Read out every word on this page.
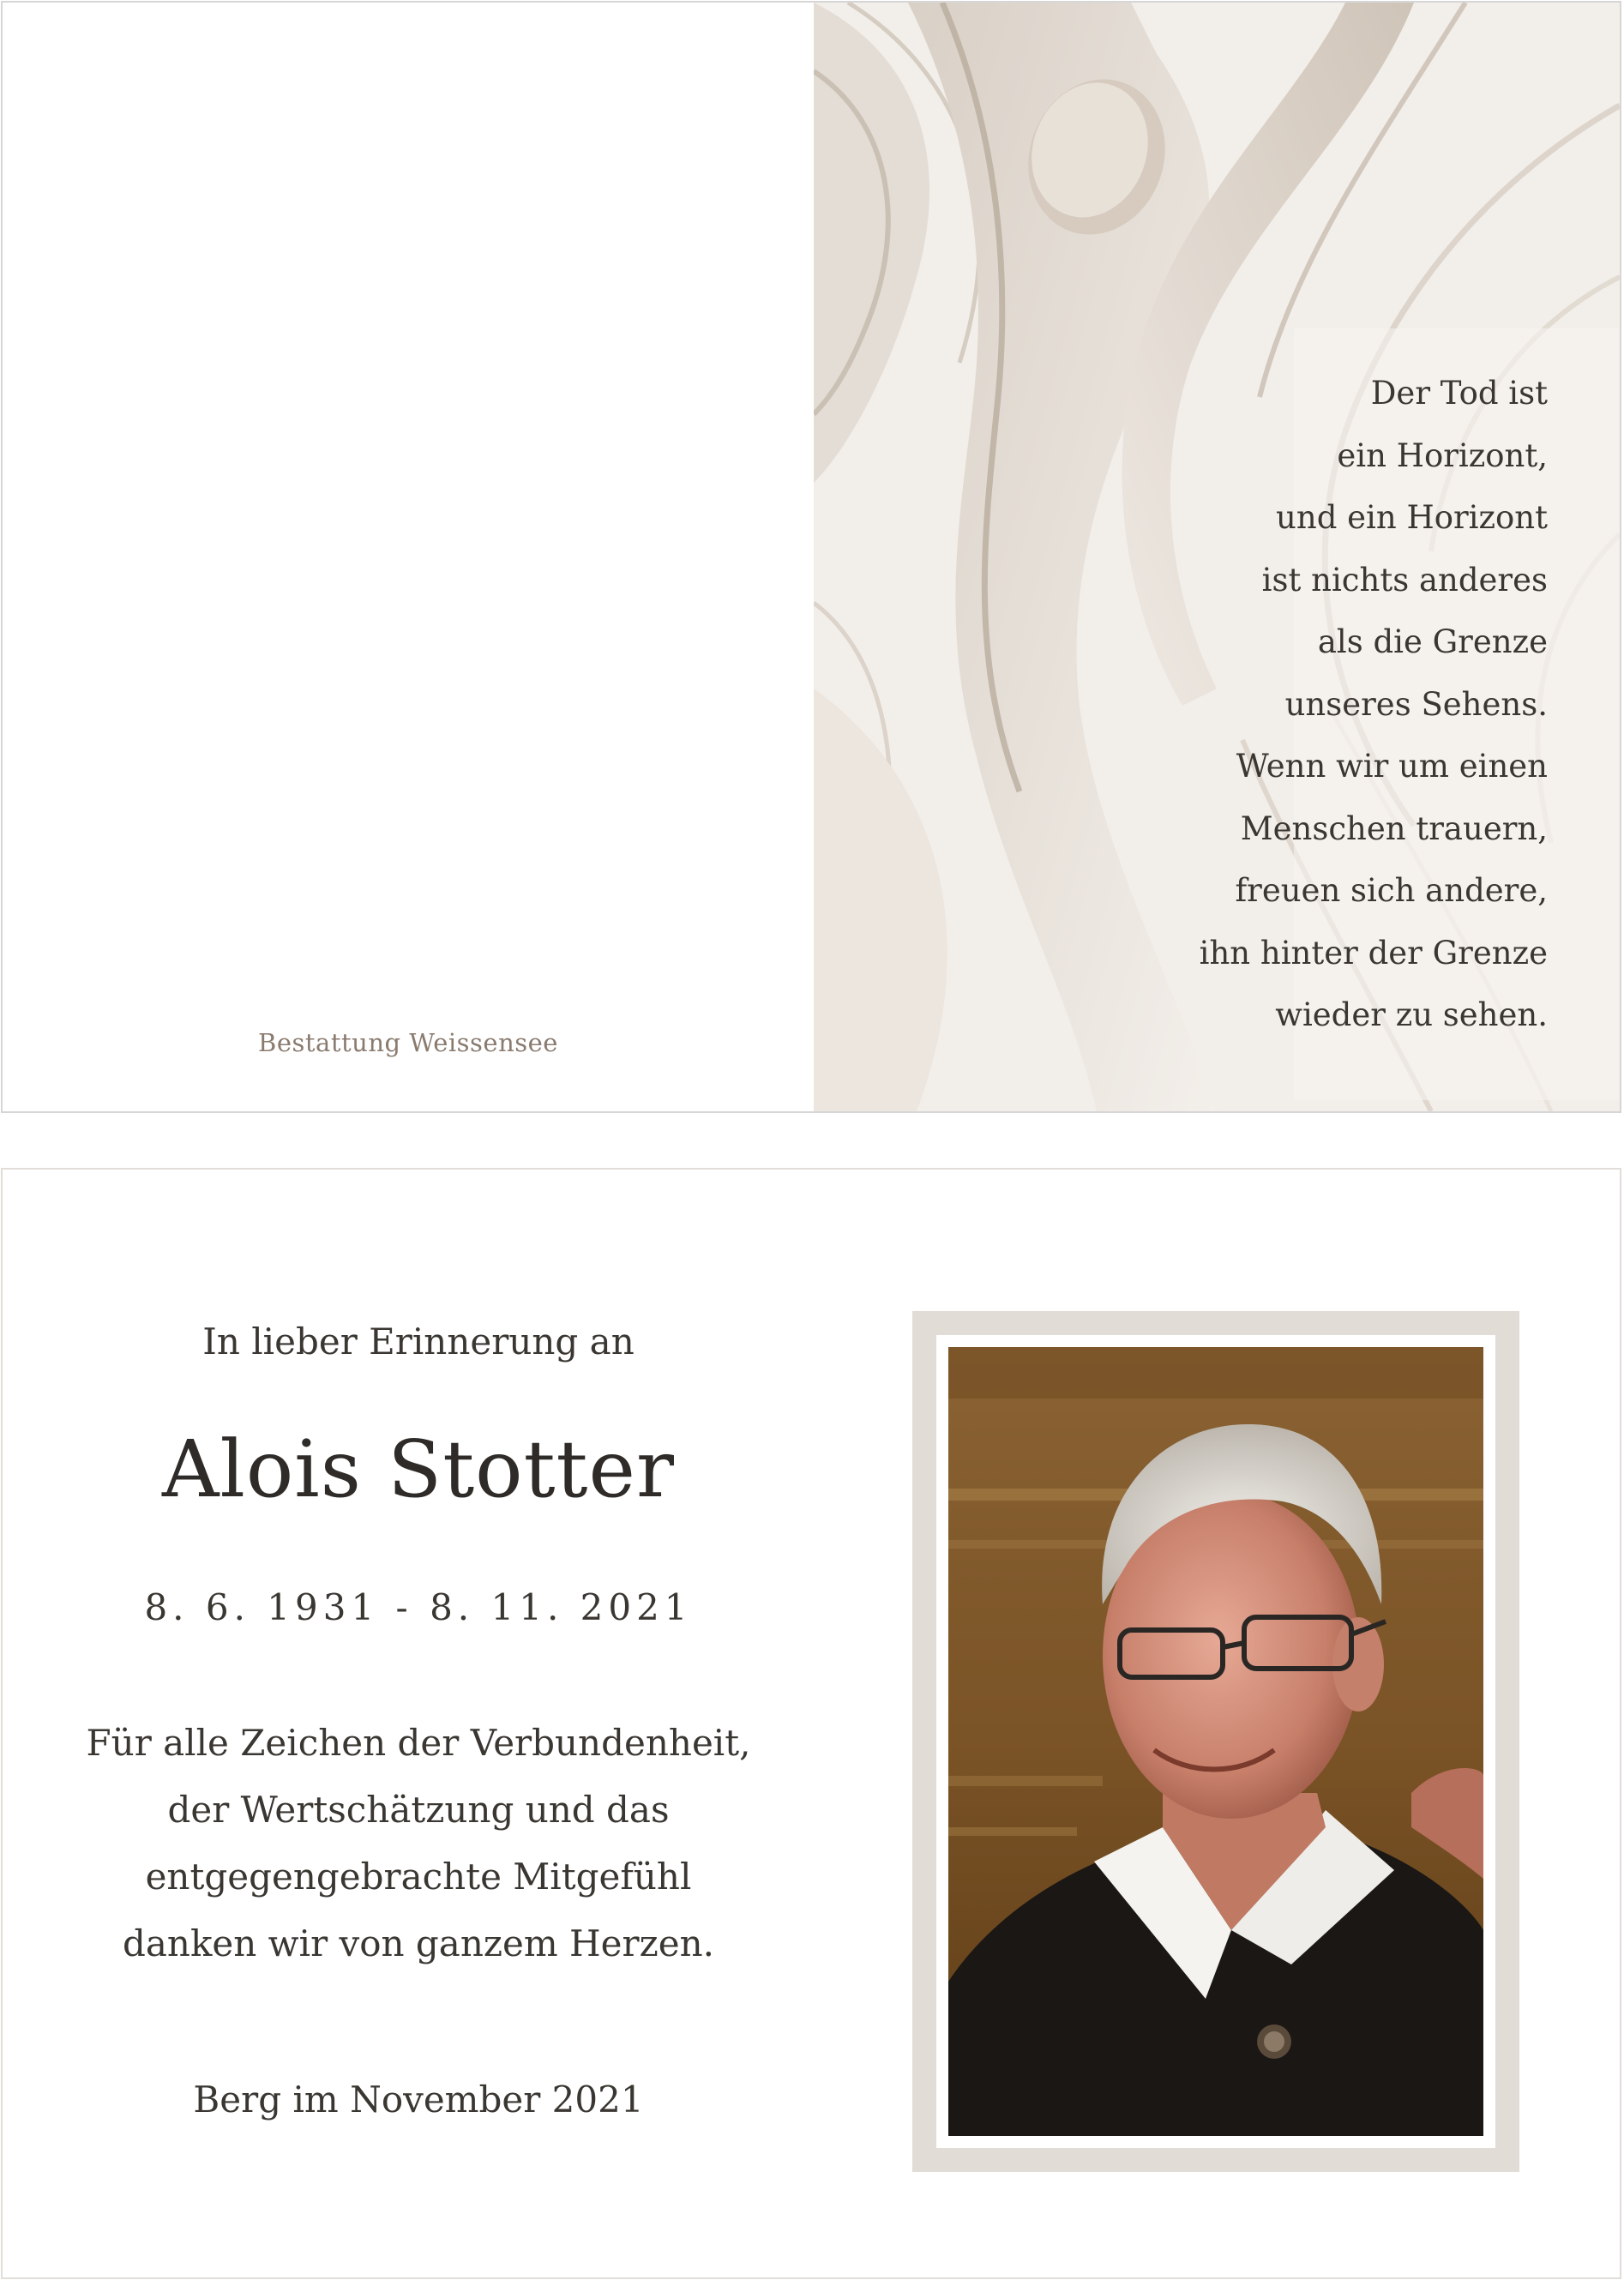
Bestattung Weissensee
Der Tod ist
ein Horizont,
und ein Horizont
ist nichts anderes
als die Grenze
unseres Sehens.
Wenn wir um einen
Menschen trauern,
freuen sich andere,
ihn hinter der Grenze
wieder zu sehen.
In lieber Erinnerung an
Alois Stotter
8. 6. 1931 - 8. 11. 2021
Für alle Zeichen der Verbundenheit,
der Wertschätzung und das
entgegengebrachte Mitgefühl
danken wir von ganzem Herzen.
Berg im November 2021
